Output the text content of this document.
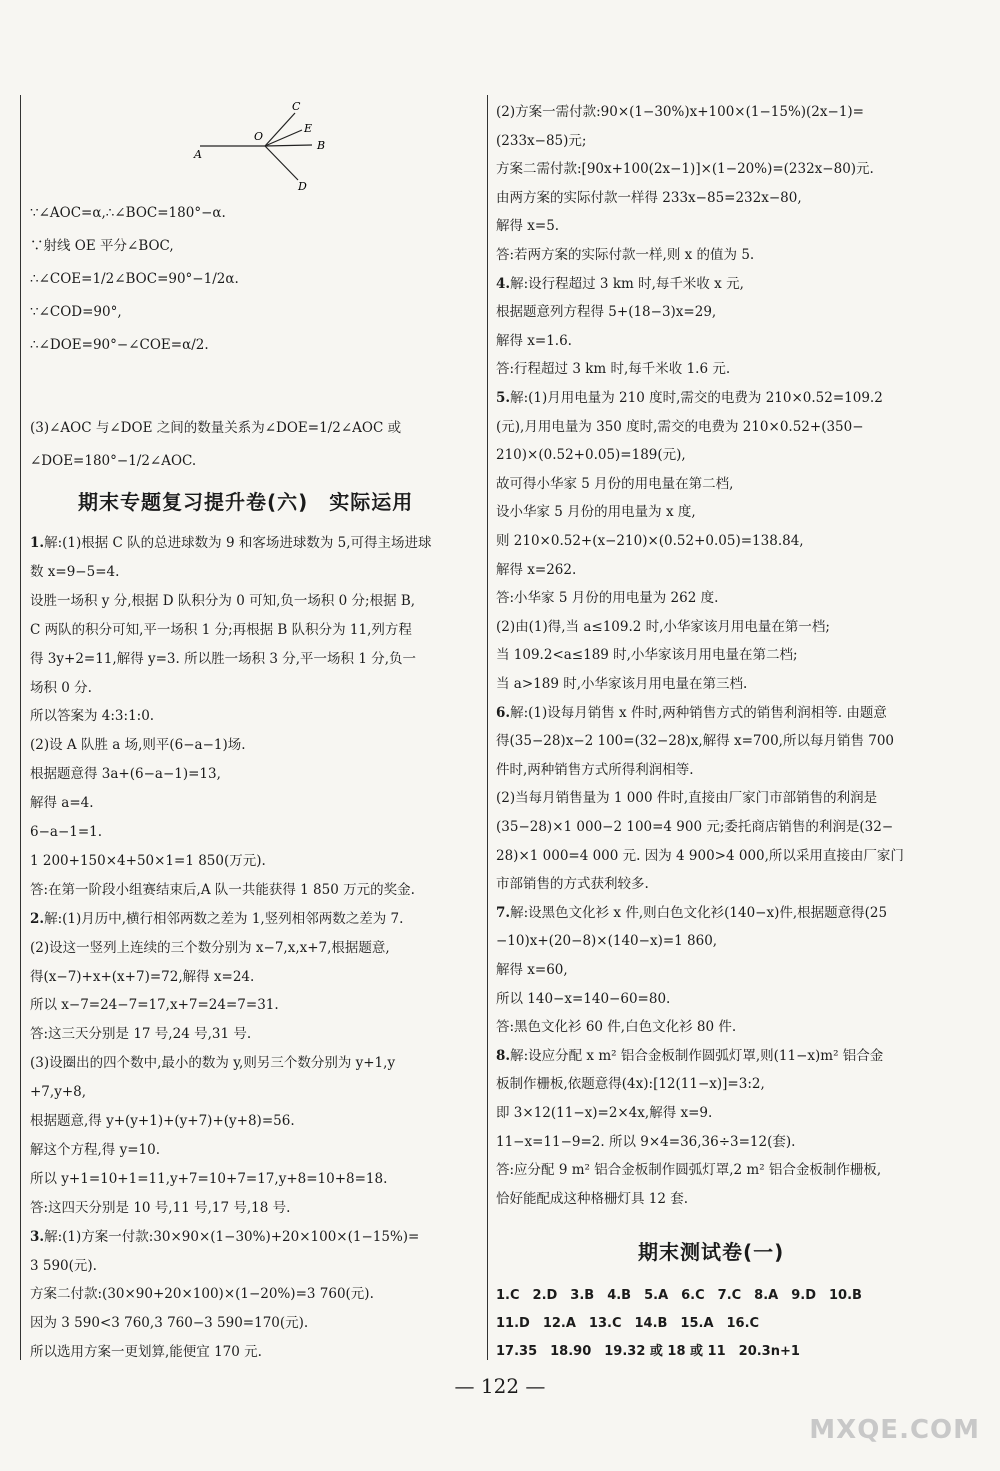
C
O
E
B
A
D
∵∠AOC=α,∴∠BOC=180°−α.
∵射线 OE 平分∠BOC,
∴∠COE=1/2∠BOC=90°−1/2α.
∵∠COD=90°,
∴∠DOE=90°−∠COE=α/2.
(3)∠AOC 与∠DOE 之间的数量关系为∠DOE=1/2∠AOC 或
∠DOE=180°−1/2∠AOC.
1.解:(1)根据 C 队的总进球数为 9 和客场进球数为 5,可得主场进球
数 x=9−5=4.
设胜一场积 y 分,根据 D 队积分为 0 可知,负一场积 0 分;根据 B,
C 两队的积分可知,平一场积 1 分;再根据 B 队积分为 11,列方程
得 3y+2=11,解得 y=3. 所以胜一场积 3 分,平一场积 1 分,负一
场积 0 分.
所以答案为 4:3:1:0.
(2)设 A 队胜 a 场,则平(6−a−1)场.
根据题意得 3a+(6−a−1)=13,
解得 a=4.
6−a−1=1.
1 200+150×4+50×1=1 850(万元).
答:在第一阶段小组赛结束后,A 队一共能获得 1 850 万元的奖金.
2.解:(1)月历中,横行相邻两数之差为 1,竖列相邻两数之差为 7.
(2)设这一竖列上连续的三个数分别为 x−7,x,x+7,根据题意,
得(x−7)+x+(x+7)=72,解得 x=24.
所以 x−7=24−7=17,x+7=24=7=31.
答:这三天分别是 17 号,24 号,31 号.
(3)设圈出的四个数中,最小的数为 y,则另三个数分别为 y+1,y
+7,y+8,
根据题意,得 y+(y+1)+(y+7)+(y+8)=56.
解这个方程,得 y=10.
所以 y+1=10+1=11,y+7=10+7=17,y+8=10+8=18.
答:这四天分别是 10 号,11 号,17 号,18 号.
3.解:(1)方案一付款:30×90×(1−30%)+20×100×(1−15%)=
3 590(元).
方案二付款:(30×90+20×100)×(1−20%)=3 760(元).
因为 3 590<3 760,3 760−3 590=170(元).
所以选用方案一更划算,能便宜 170 元.
期末专题复习提升卷(六)　实际运用
(2)方案一需付款:90×(1−30%)x+100×(1−15%)(2x−1)=
(233x−85)元;
方案二需付款:[90x+100(2x−1)]×(1−20%)=(232x−80)元.
由两方案的实际付款一样得 233x−85=232x−80,
解得 x=5.
答:若两方案的实际付款一样,则 x 的值为 5.
4.解:设行程超过 3 km 时,每千米收 x 元,
根据题意列方程得 5+(18−3)x=29,
解得 x=1.6.
答:行程超过 3 km 时,每千米收 1.6 元.
5.解:(1)月用电量为 210 度时,需交的电费为 210×0.52=109.2
(元),月用电量为 350 度时,需交的电费为 210×0.52+(350−
210)×(0.52+0.05)=189(元),
故可得小华家 5 月份的用电量在第二档,
设小华家 5 月份的用电量为 x 度,
则 210×0.52+(x−210)×(0.52+0.05)=138.84,
解得 x=262.
答:小华家 5 月份的用电量为 262 度.
(2)由(1)得,当 a≤109.2 时,小华家该月用电量在第一档;
当 109.2<a≤189 时,小华家该月用电量在第二档;
当 a>189 时,小华家该月用电量在第三档.
6.解:(1)设每月销售 x 件时,两种销售方式的销售利润相等. 由题意
得(35−28)x−2 100=(32−28)x,解得 x=700,所以每月销售 700
件时,两种销售方式所得利润相等.
(2)当每月销售量为 1 000 件时,直接由厂家门市部销售的利润是
(35−28)×1 000−2 100=4 900 元;委托商店销售的利润是(32−
28)×1 000=4 000 元. 因为 4 900>4 000,所以采用直接由厂家门
市部销售的方式获利较多.
7.解:设黑色文化衫 x 件,则白色文化衫(140−x)件,根据题意得(25
−10)x+(20−8)×(140−x)=1 860,
解得 x=60,
所以 140−x=140−60=80.
答:黑色文化衫 60 件,白色文化衫 80 件.
8.解:设应分配 x m² 铝合金板制作圆弧灯罩,则(11−x)m² 铝合金
板制作栅板,依题意得(4x):[12(11−x)]=3:2,
即 3×12(11−x)=2×4x,解得 x=9.
11−x=11−9=2. 所以 9×4=36,36÷3=12(套).
答:应分配 9 m² 铝合金板制作圆弧灯罩,2 m² 铝合金板制作栅板,
恰好能配成这种格栅灯具 12 套.
1.C　2.D　3.B　4.B　5.A　6.C　7.C　8.A　9.D　10.B
11.D　12.A　13.C　14.B　15.A　16.C
17.35　18.90　19.32 或 18 或 11　20.3n+1
期末测试卷(一)
— 122 —
MXQE.COM
